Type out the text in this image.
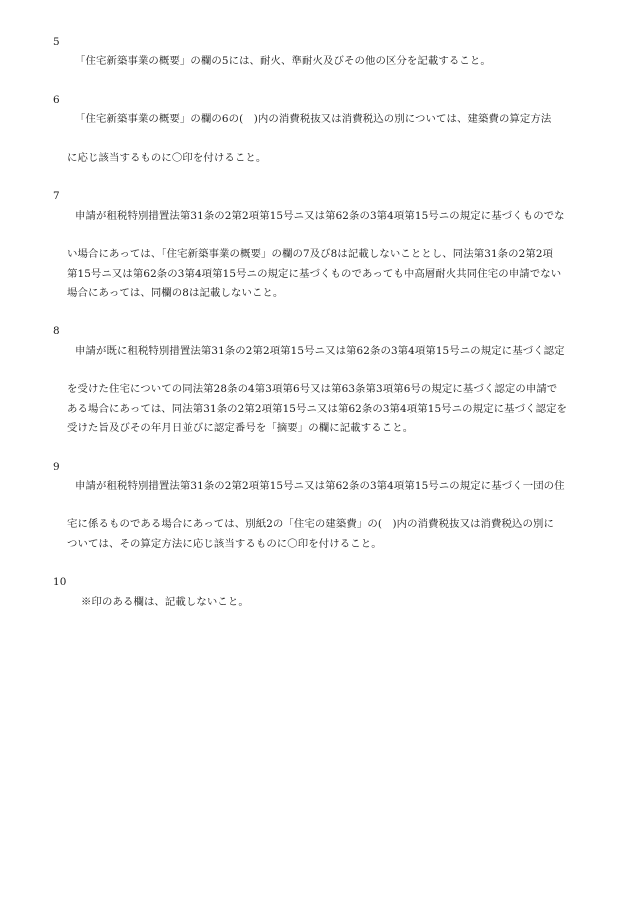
5

「住宅新築事業の概要」の欄の5には、耐火、準耐火及びその他の区分を記載すること。

6

「住宅新築事業の概要」の欄の6の(　)内の消費税抜又は消費税込の別については、建築費の算定方法

に応じ該当するものに〇印を付けること。

7

申請が租税特別措置法第31条の2第2項第15号ニ又は第62条の3第4項第15号ニの規定に基づくものでな

い場合にあっては、「住宅新築事業の概要」の欄の7及び8は記載しないこととし、同法第31条の2第2項
第15号ニ又は第62条の3第4項第15号ニの規定に基づくものであっても中高層耐火共同住宅の申請でない
場合にあっては、同欄の8は記載しないこと。

8

申請が既に租税特別措置法第31条の2第2項第15号ニ又は第62条の3第4項第15号ニの規定に基づく認定

を受けた住宅についての同法第28条の4第3項第6号又は第63条第3項第6号の規定に基づく認定の申請で
ある場合にあっては、同法第31条の2第2項第15号ニ又は第62条の3第4項第15号ニの規定に基づく認定を
受けた旨及びその年月日並びに認定番号を「摘要」の欄に記載すること。

9

申請が租税特別措置法第31条の2第2項第15号ニ又は第62条の3第4項第15号ニの規定に基づく一団の住

宅に係るものである場合にあっては、別紙2の「住宅の建築費」の(　)内の消費税抜又は消費税込の別に
ついては、その算定方法に応じ該当するものに〇印を付けること。

10

※印のある欄は、記載しないこと。
